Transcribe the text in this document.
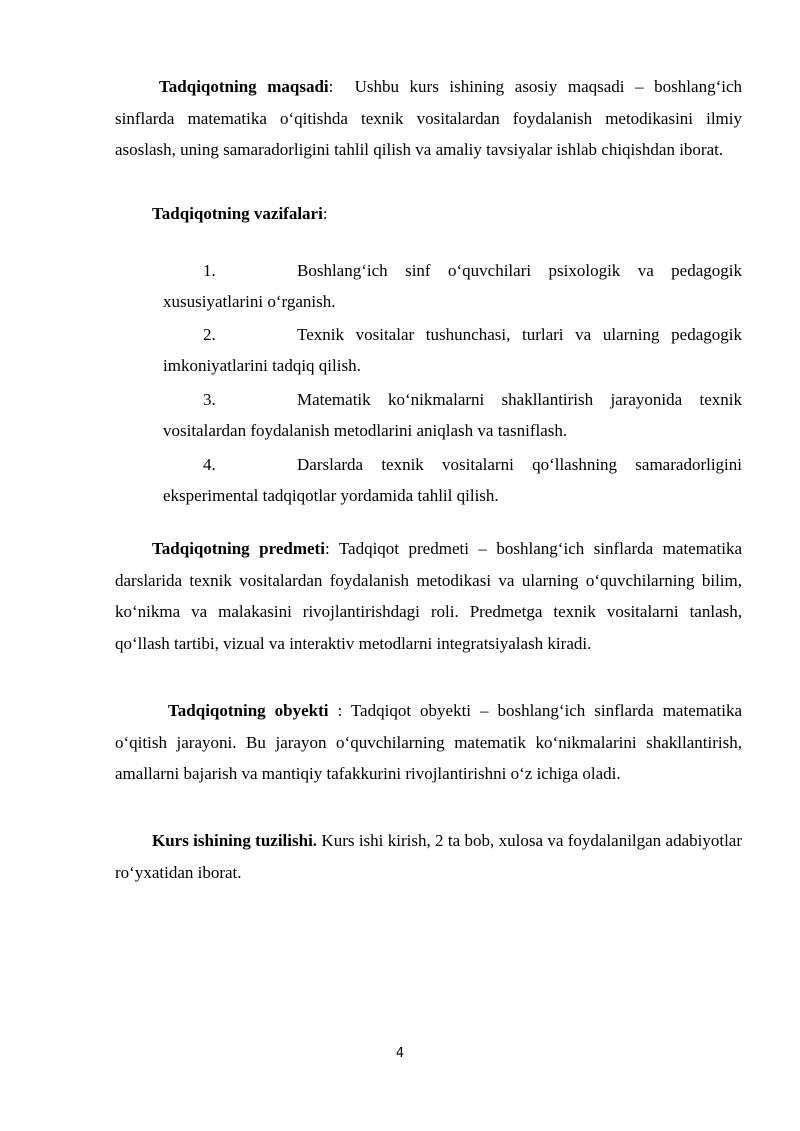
Tadqiqotning maqsadi:  Ushbu kurs ishining asosiy maqsadi – boshlang‘ich sinflarda matematika o‘qitishda texnik vositalardan foydalanish metodikasini ilmiy asoslash, uning samaradorligini tahlil qilish va amaliy tavsiyalar ishlab chiqishdan iborat.

Tadqiqotning vazifalari:

1.	Boshlang‘ich sinf o‘quvchilari psixologik va pedagogik xususiyatlarini o‘rganish.

2.	Texnik vositalar tushunchasi, turlari va ularning pedagogik imkoniyatlarini tadqiq qilish.

3.	Matematik ko‘nikmalarni shakllantirish jarayonida texnik vositalardan foydalanish metodlarini aniqlash va tasniflash.

4.	Darslarda texnik vositalarni qo‘llashning samaradorligini eksperimental tadqiqotlar yordamida tahlil qilish.

Tadqiqotning predmeti: Tadqiqot predmeti – boshlang‘ich sinflarda matematika darslarida texnik vositalardan foydalanish metodikasi va ularning o‘quvchilarning bilim, ko‘nikma va malakasini rivojlantirishdagi roli. Predmetga texnik vositalarni tanlash, qo‘llash tartibi, vizual va interaktiv metodlarni integratsiyalash kiradi.

Tadqiqotning obyekti : Tadqiqot obyekti – boshlang‘ich sinflarda matematika o‘qitish jarayoni. Bu jarayon o‘quvchilarning matematik ko‘nikmalarini shakllantirish, amallarni bajarish va mantiqiy tafakkurini rivojlantirishni o‘z ichiga oladi.

Kurs ishining tuzilishi. Kurs ishi kirish, 2 ta bob, xulosa va foydalanilgan adabiyotlar ro‘yxatidan iborat.

4
